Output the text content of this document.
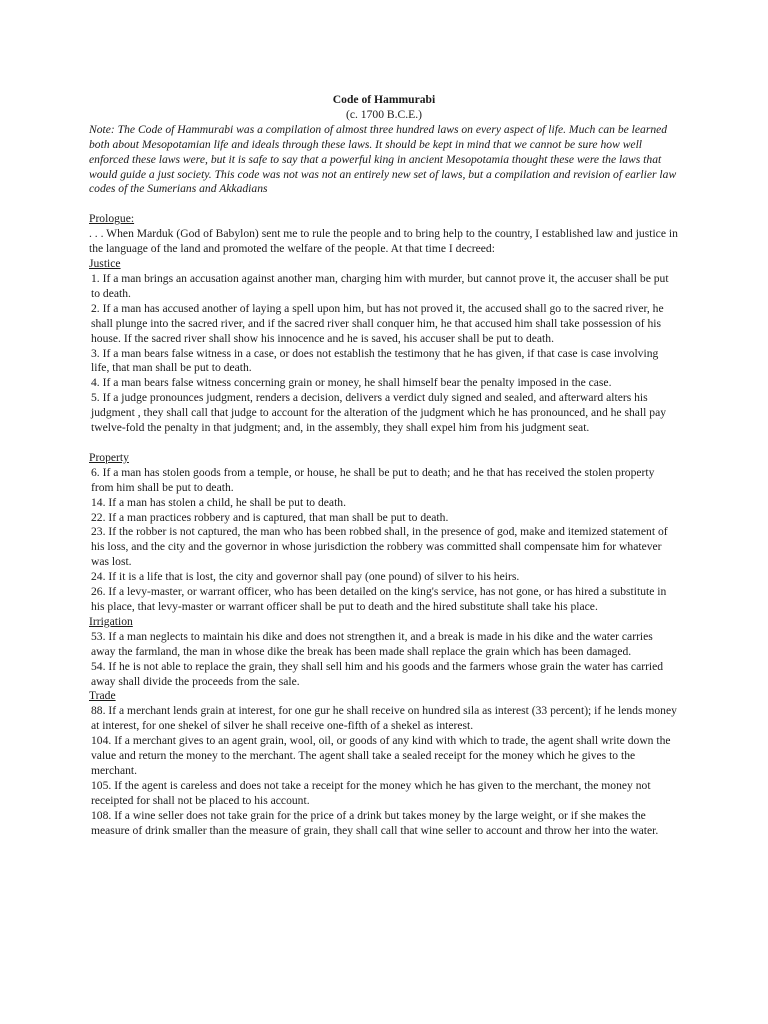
Code of Hammurabi

(c. 1700 B.C.E.)

Note: The Code of Hammurabi was a compilation of almost three hundred laws on every aspect of life. Much can be learned both about Mesopotamian life and ideals through these laws. It should be kept in mind that we cannot be sure how well enforced these laws were, but it is safe to say that a powerful king in ancient Mesopotamia thought these were the laws that would guide a just society. This code was not was not an entirely new set of laws, but a compilation and revision of earlier law codes of the Sumerians and Akkadians

Prologue:

. . . When Marduk (God of Babylon) sent me to rule the people and to bring help to the country, I established law and justice in the language of the land and promoted the welfare of the people. At that time I decreed:

Justice

1. If a man brings an accusation against another man, charging him with murder, but cannot prove it, the accuser shall be put to death.

2. If a man has accused another of laying a spell upon him, but has not proved it, the accused shall go to the sacred river, he shall plunge into the sacred river, and if the sacred river shall conquer him, he that accused him shall take possession of his house. If the sacred river shall show his innocence and he is saved, his accuser shall be put to death.

3. If a man bears false witness in a case, or does not establish the testimony that he has given, if that case is case involving life, that man shall be put to death.

4. If a man bears false witness concerning grain or money, he shall himself bear the penalty imposed in the case.

5. If a judge pronounces judgment, renders a decision, delivers a verdict duly signed and sealed, and afterward alters his judgment , they shall call that judge to account for the alteration of the judgment which he has pronounced, and he shall pay twelve-fold the penalty in that judgment; and, in the assembly, they shall expel him from his judgment seat.

Property

6. If a man has stolen goods from a temple, or house, he shall be put to death; and he that has received the stolen property from him shall be put to death.

14. If a man has stolen a child, he shall be put to death.

22. If a man practices robbery and is captured, that man shall be put to death.

23. If the robber is not captured, the man who has been robbed shall, in the presence of god, make and itemized statement of his loss, and the city and the governor in whose jurisdiction the robbery was committed shall compensate him for whatever was lost.

24. If it is a life that is lost, the city and governor shall pay (one pound) of silver to his heirs.

26. If a levy-master, or warrant officer, who has been detailed on the king's service, has not gone, or has hired a substitute in his place, that levy-master or warrant officer shall be put to death and the hired substitute shall take his place.

Irrigation

53. If a man neglects to maintain his dike and does not strengthen it, and a break is made in his dike and the water carries away the farmland, the man in whose dike the break has been made shall replace the grain which has been damaged.

54. If he is not able to replace the grain, they shall sell him and his goods and the farmers whose grain the water has carried away shall divide the proceeds from the sale.

Trade

88. If a merchant lends grain at interest, for one gur he shall receive on hundred sila as interest (33 percent); if he lends money at interest, for one shekel of silver he shall receive one-fifth of a shekel as interest.

104. If a merchant gives to an agent grain, wool, oil, or goods of any kind with which to trade, the agent shall write down the value and return the money to the merchant. The agent shall take a sealed receipt for the money which he gives to the merchant.

105. If the agent is careless and does not take a receipt for the money which he has given to the merchant, the money not receipted for shall not be placed to his account.

108. If a wine seller does not take grain for the price of a drink but takes money by the large weight, or if she makes the measure of drink smaller than the measure of grain, they shall call that wine seller to account and throw her into the water.
